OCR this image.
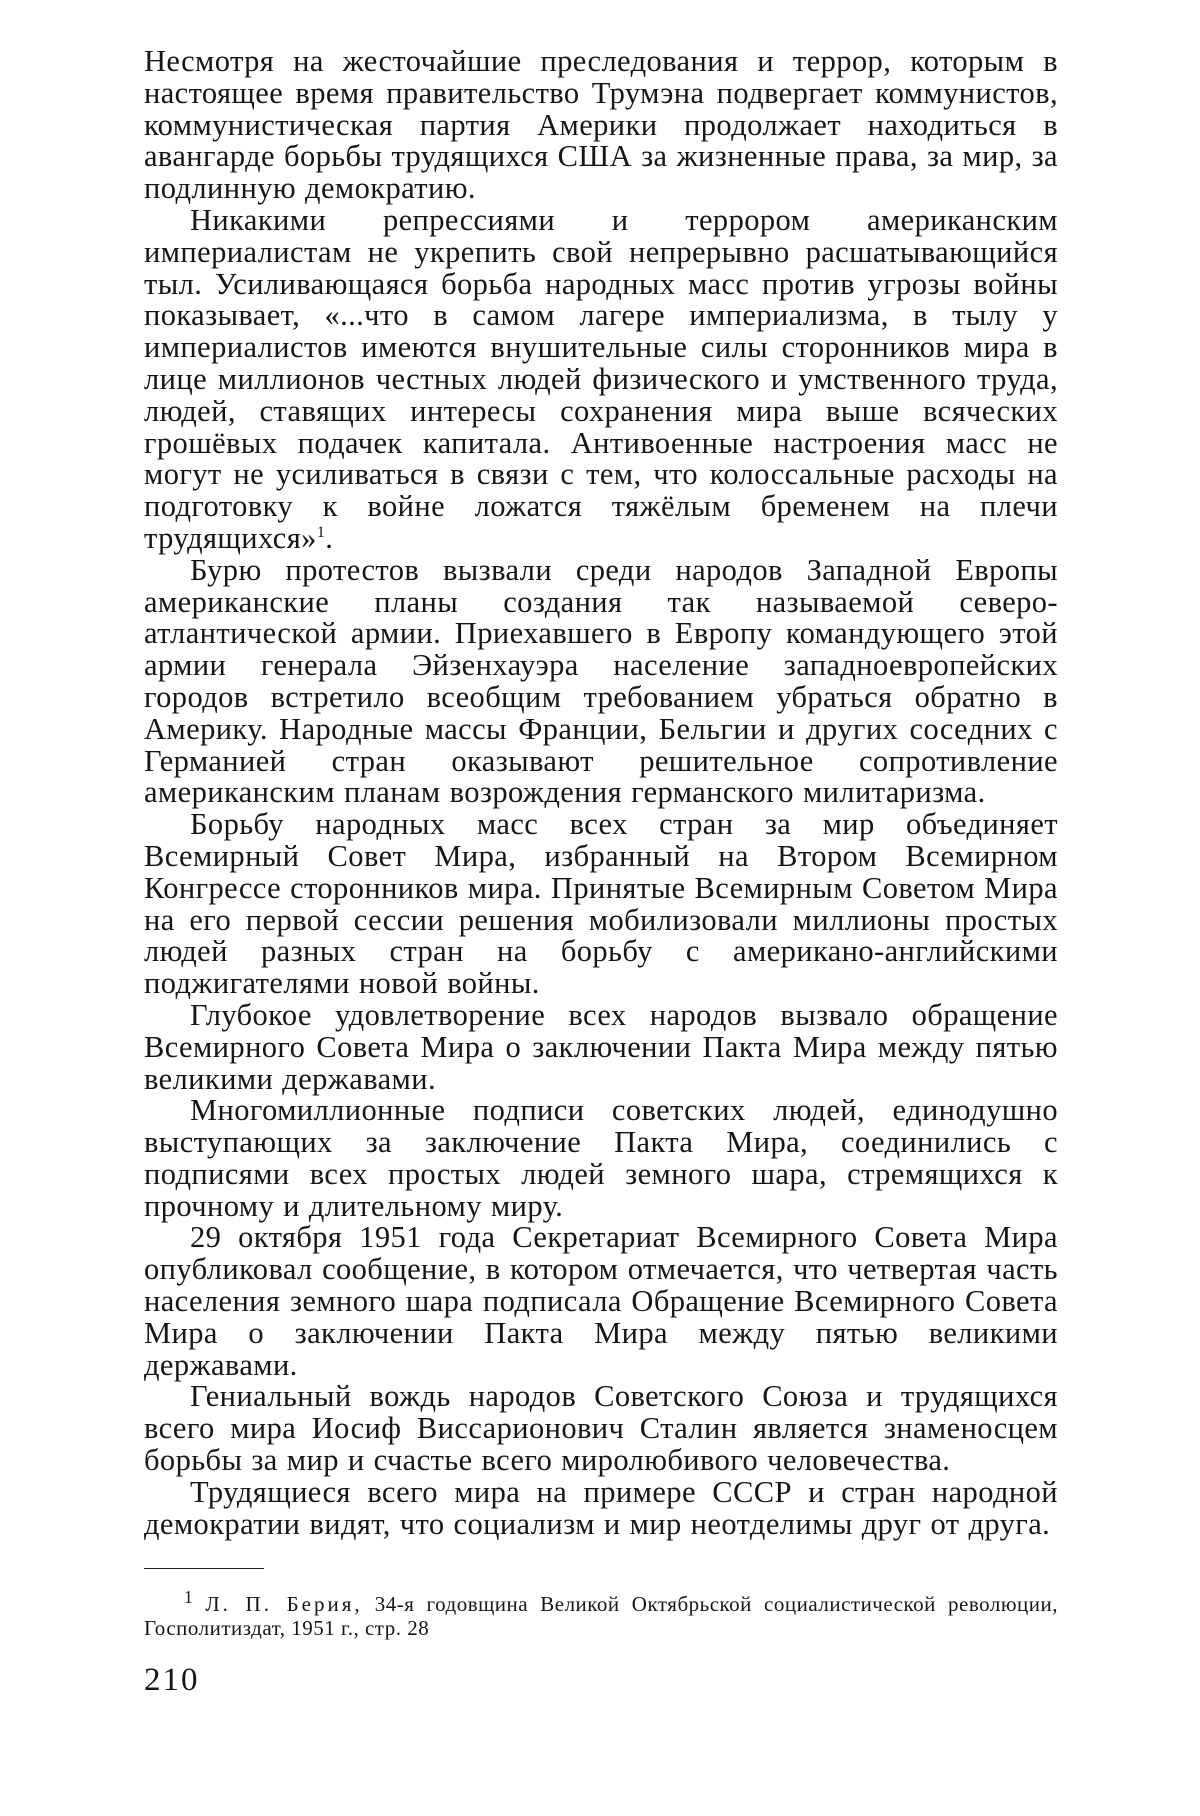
Несмотря на жесточайшие преследования и террор, которым в настоящее время правительство Трумэна подвергает коммунистов, коммунистическая партия Америки продолжает находиться в авангарде борьбы трудящихся США за жизненные права, за мир, за подлинную демократию.

Никакими репрессиями и террором американским империалистам не укрепить свой непрерывно расшатывающийся тыл. Усиливающаяся борьба народных масс против угрозы войны показывает, «...что в самом лагере империализма, в тылу у империалистов имеются внушительные силы сторонников мира в лице миллионов честных людей физического и умственного труда, людей, ставящих интересы сохранения мира выше всяческих грошёвых подачек капитала. Антивоенные настроения масс не могут не усиливаться в связи с тем, что колоссальные расходы на подготовку к войне ложатся тяжёлым бременем на плечи трудящихся»$^1$.

Бурю протестов вызвали среди народов Западной Европы американские планы создания так называемой северо-атлантической армии. Приехавшего в Европу командующего этой армии генерала Эйзенхауэра население западноевропейских городов встретило всеобщим требованием убраться обратно в Америку. Народные массы Франции, Бельгии и других соседних с Германией стран оказывают решительное сопротивление американским планам возрождения германского милитаризма.

Борьбу народных масс всех стран за мир объединяет Всемирный Совет Мира, избранный на Втором Всемирном Конгрессе сторонников мира. Принятые Всемирным Советом Мира на его первой сессии решения мобилизовали миллионы простых людей разных стран на борьбу с американо-английскими поджигателями новой войны.

Глубокое удовлетворение всех народов вызвало обращение Всемирного Совета Мира о заключении Пакта Мира между пятью великими державами.

Многомиллионные подписи советских людей, единодушно выступающих за заключение Пакта Мира, соединились с подписями всех простых людей земного шара, стремящихся к прочному и длительному миру.

29 октября 1951 года Секретариат Всемирного Совета Мира опубликовал сообщение, в котором отмечается, что четвертая часть населения земного шара подписала Обращение Всемирного Совета Мира о заключении Пакта Мира между пятью великими державами.

Гениальный вождь народов Советского Союза и трудящихся всего мира Иосиф Виссарионович Сталин является знаменосцем борьбы за мир и счастье всего миролюбивого человечества.

Трудящиеся всего мира на примере СССР и стран народной демократии видят, что социализм и мир неотделимы друг от друга.

$^1$ Л. П. Берия, 34-я годовщина Великой Октябрьской социалистической революции, Госполитиздат, 1951 г., стр. 28

210
